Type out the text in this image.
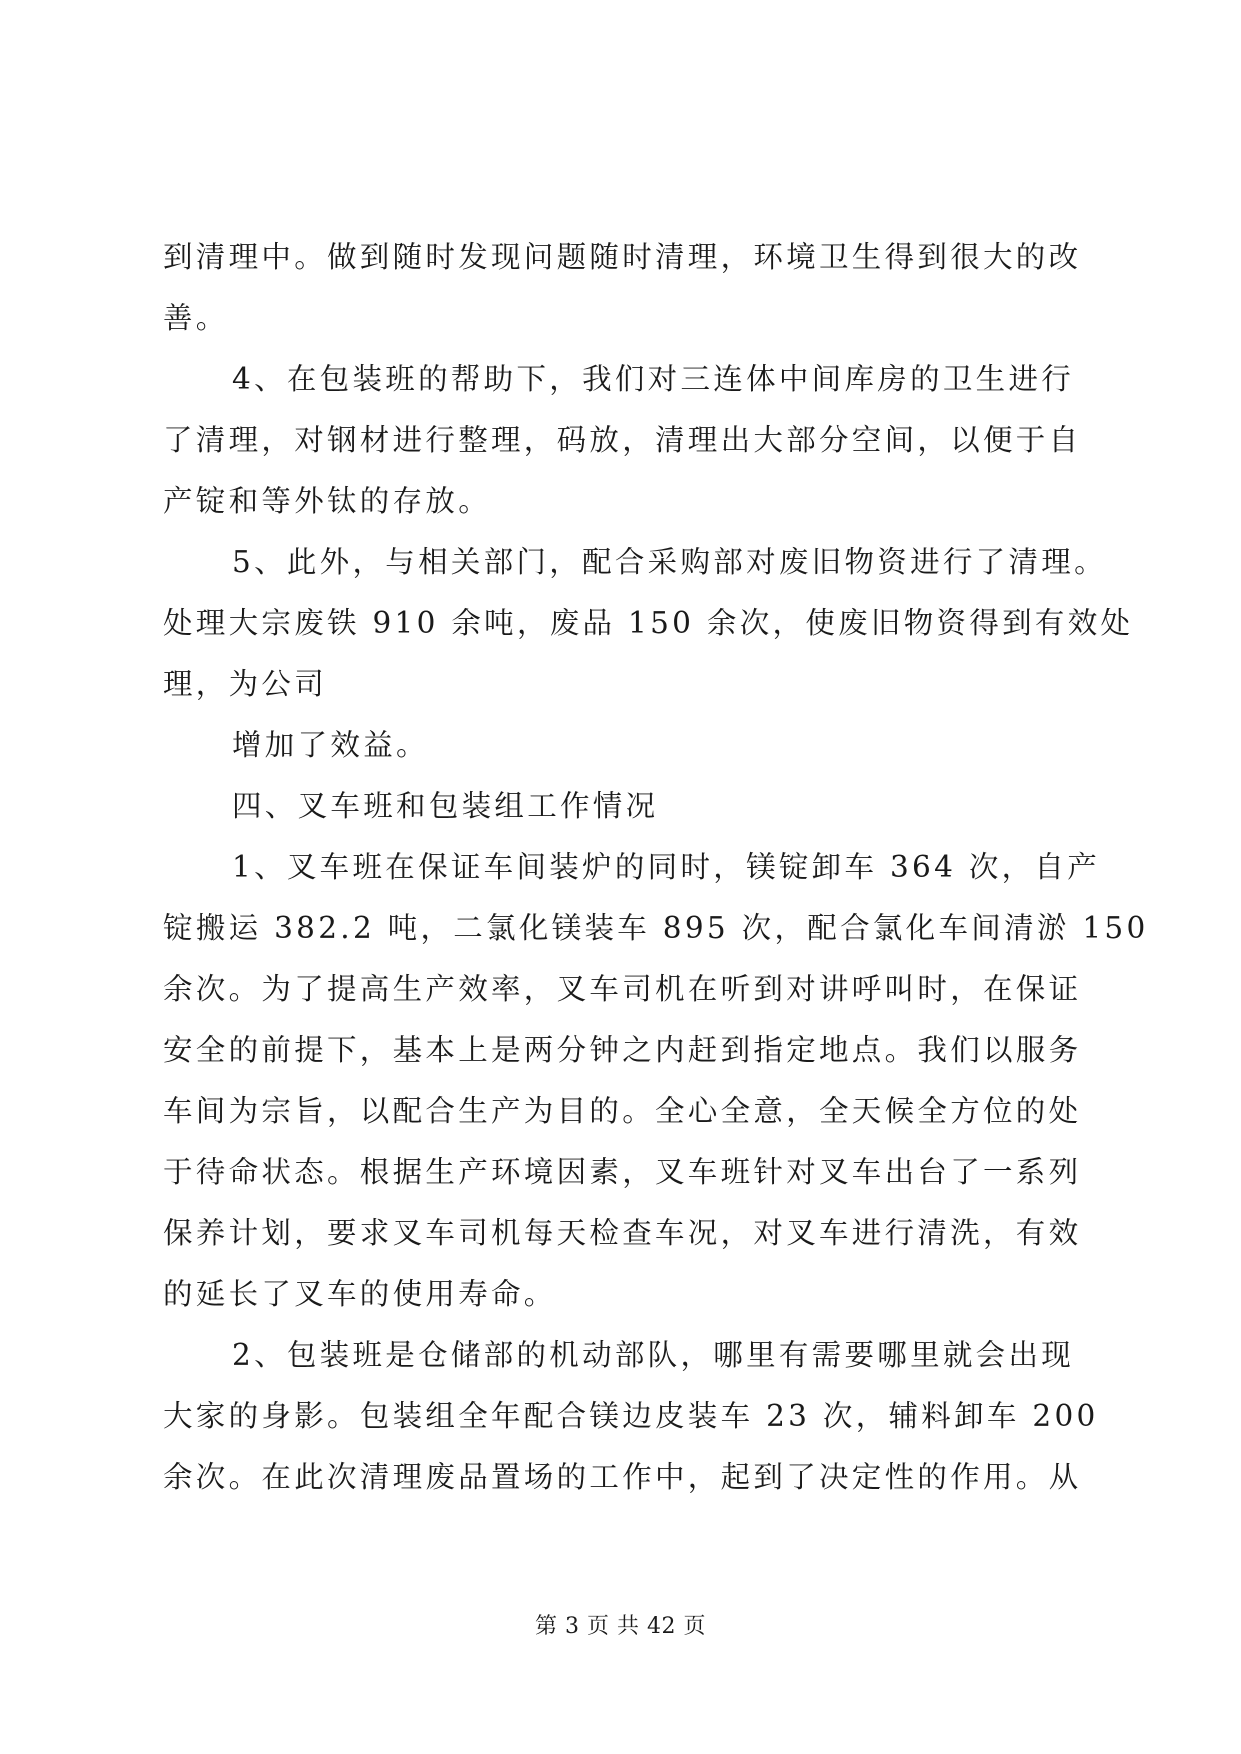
到清理中。做到随时发现问题随时清理，环境卫生得到很大的改
善。
4、在包装班的帮助下，我们对三连体中间库房的卫生进行
了清理，对钢材进行整理，码放，清理出大部分空间，以便于自
产锭和等外钛的存放。
5、此外，与相关部门，配合采购部对废旧物资进行了清理。
处理大宗废铁 910 余吨，废品 150 余次，使废旧物资得到有效处
理，为公司
增加了效益。
四、叉车班和包装组工作情况
1、叉车班在保证车间装炉的同时，镁锭卸车 364 次，自产
锭搬运 382.2 吨，二氯化镁装车 895 次，配合氯化车间清淤 150
余次。为了提高生产效率，叉车司机在听到对讲呼叫时，在保证
安全的前提下，基本上是两分钟之内赶到指定地点。我们以服务
车间为宗旨，以配合生产为目的。全心全意，全天候全方位的处
于待命状态。根据生产环境因素，叉车班针对叉车出台了一系列
保养计划，要求叉车司机每天检查车况，对叉车进行清洗，有效
的延长了叉车的使用寿命。
2、包装班是仓储部的机动部队，哪里有需要哪里就会出现
大家的身影。包装组全年配合镁边皮装车 23 次，辅料卸车 200
余次。在此次清理废品置场的工作中，起到了决定性的作用。从
第 3 页 共 42 页
